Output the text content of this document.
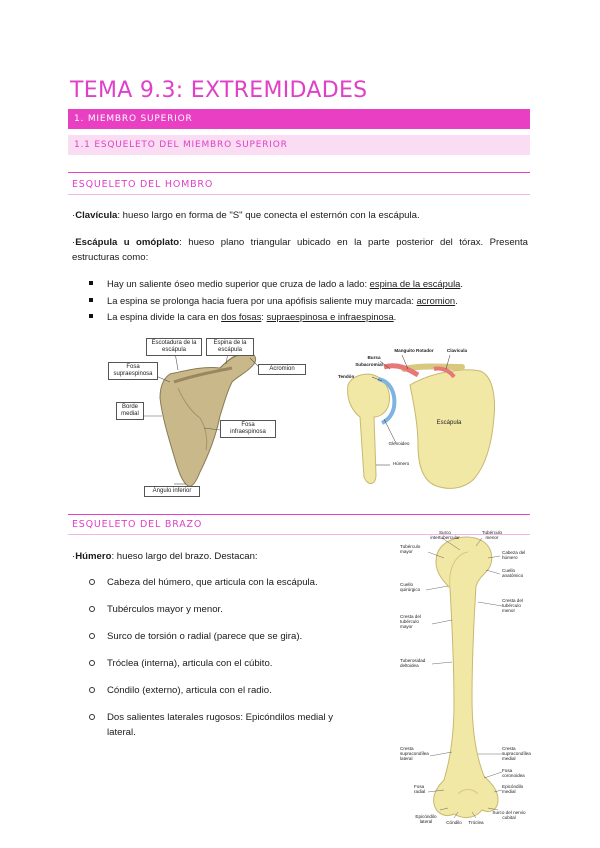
TEMA 9.3: EXTREMIDADES
1. MIEMBRO SUPERIOR
1.1 ESQUELETO DEL MIEMBRO SUPERIOR
ESQUELETO DEL HOMBRO
·Clavícula: hueso largo en forma de "S" que conecta el esternón con la escápula.
·Escápula u omóplato: hueso plano triangular ubicado en la parte posterior del tórax. Presenta estructuras como:
Hay un saliente óseo medio superior que cruza de lado a lado: espina de la escápula.
La espina se prolonga hacia fuera por una apófisis saliente muy marcada: acromion.
La espina divide la cara en dos fosas: supraespinosa e infraespinosa.
Escotadura de la escápula
Espina de la escápula
Fosa supraespinosa
Acromion
Borde medial
Fosa infraespinosa
Ángulo inferior
Manguito Rotador	Clavícula
Bursa
Subacromial
Tendón
Escápula
Glenoideo
Húmero
ESQUELETO DEL BRAZO
·Húmero: hueso largo del brazo. Destacan:
Cabeza del húmero, que articula con la escápula.
Tubérculos mayor y menor.
Surco de torsión o radial (parece que se gira).
Tróclea (interna), articula con el cúbito.
Cóndilo (externo), articula con el radio.
Dos salientes laterales rugosos: Epicóndilos medial y lateral.
Surco intertubercular
Tubérculo menor
Tubérculo mayor	Cabeza del húmero
Cuello anatómico
Cuello quirúrgico
Cresta del tubérculo menor
Cresta del tubérculo mayor
Tuberosidad deltoidea
Cresta supracondílea lateral
Cresta supracondílea medial
Fosa coronoidea
Fosa radial
Epicóndilo medial
Epicóndilo lateral	Cóndilo	Tróclea
Surco del nervio cubital
